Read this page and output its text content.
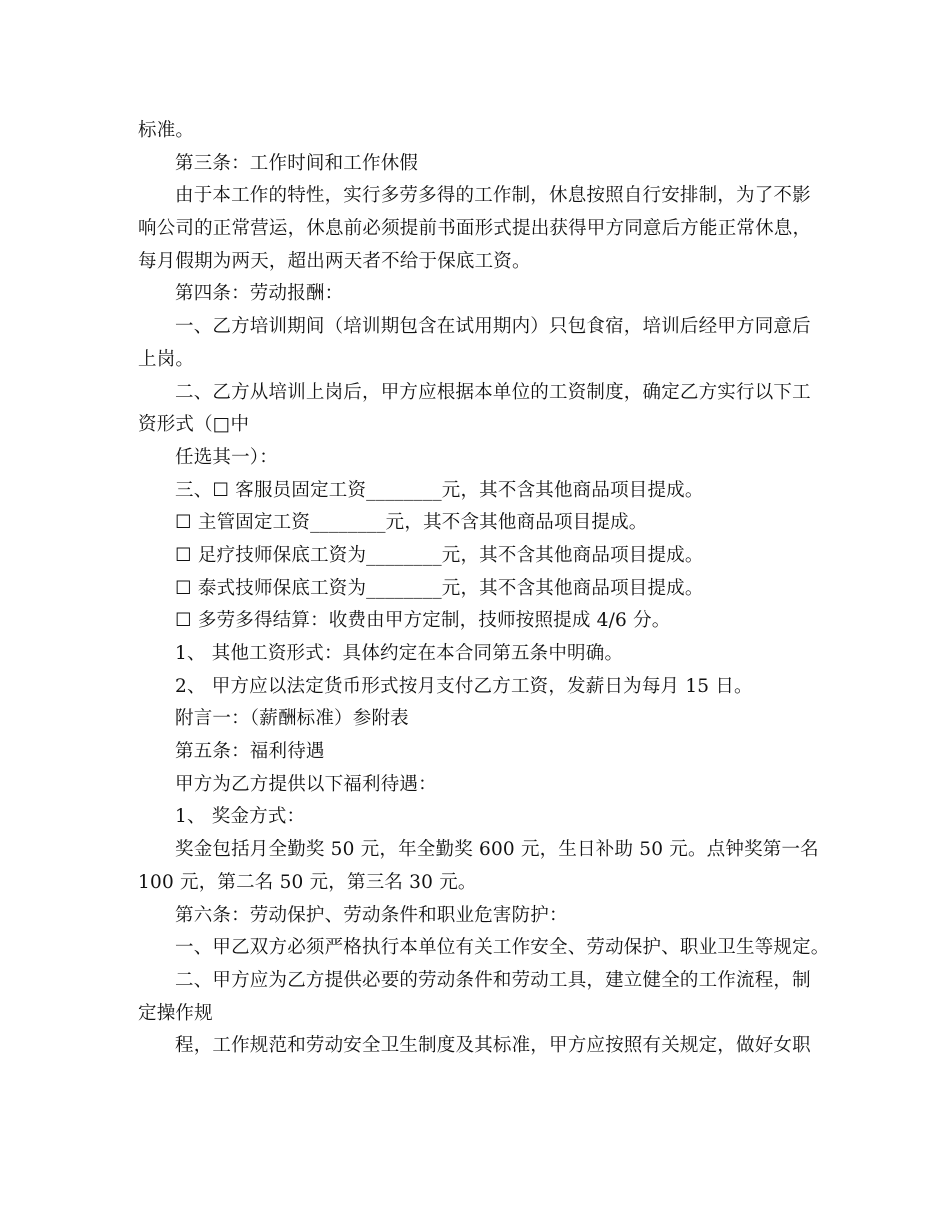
标准。
第三条：工作时间和工作休假
由于本工作的特性，实行多劳多得的工作制，休息按照自行安排制，为了不影
响公司的正常营运，休息前必须提前书面形式提出获得甲方同意后方能正常休息，
每月假期为两天，超出两天者不给于保底工资。
第四条：劳动报酬：
一、乙方培训期间（培训期包含在试用期内）只包食宿，培训后经甲方同意后
上岗。
二、乙方从培训上岗后，甲方应根据本单位的工资制度，确定乙方实行以下工
资形式（□中
任选其一）：
三、☐ 客服员固定工资________元，其不含其他商品项目提成。
☐ 主管固定工资________元，其不含其他商品项目提成。
☐ 足疗技师保底工资为________元，其不含其他商品项目提成。
☐ 泰式技师保底工资为________元，其不含其他商品项目提成。
☐ 多劳多得结算：收费由甲方定制，技师按照提成 4/6 分。
1、 其他工资形式：具体约定在本合同第五条中明确。
2、 甲方应以法定货币形式按月支付乙方工资，发薪日为每月 15 日。
附言一：（薪酬标准）参附表
第五条：福利待遇
甲方为乙方提供以下福利待遇：
1、 奖金方式：
奖金包括月全勤奖 50 元，年全勤奖 600 元，生日补助 50 元。点钟奖第一名
100 元，第二名 50 元，第三名 30 元。
第六条：劳动保护、劳动条件和职业危害防护：
一、甲乙双方必须严格执行本单位有关工作安全、劳动保护、职业卫生等规定。
二、甲方应为乙方提供必要的劳动条件和劳动工具，建立健全的工作流程，制
定操作规
程，工作规范和劳动安全卫生制度及其标准，甲方应按照有关规定，做好女职
